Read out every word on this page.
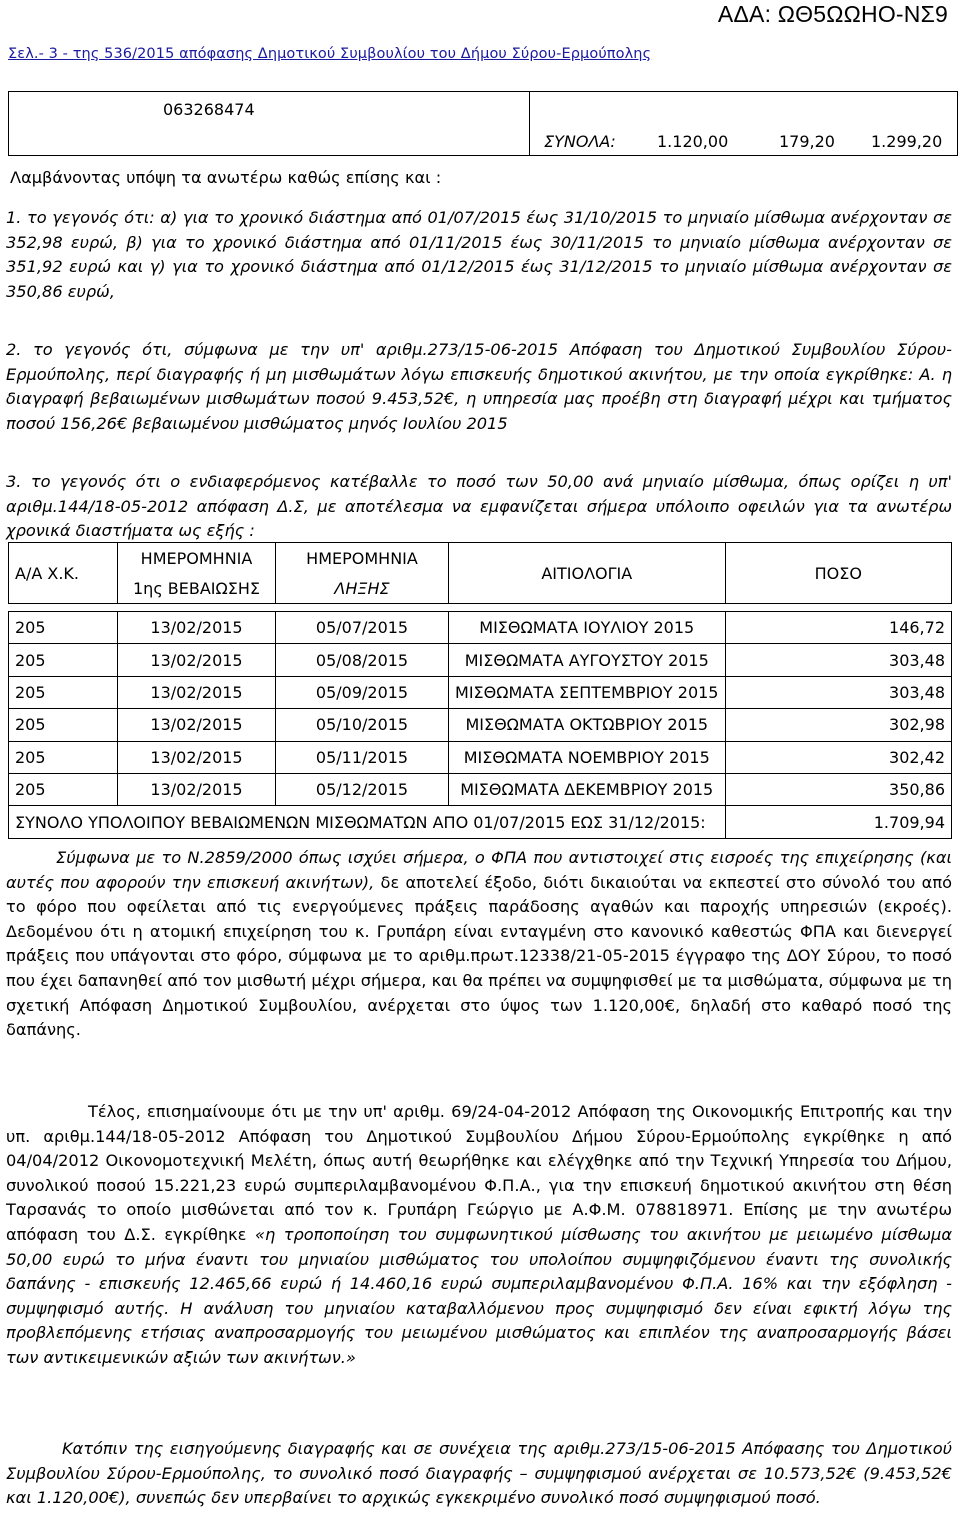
ΑΔΑ: ΩΘ5ΩΩΗΟ-ΝΣ9
Σελ.- 3 - της 536/2015 απόφασης Δημοτικού Συμβουλίου του Δήμου Σύρου-Ερμούπολης
063268474
ΣΥΝΟΛΑ:	1.120,00	179,20 1.299,20
Λαμβάνοντας υπόψη τα ανωτέρω καθώς επίσης και :
1. το γεγονός ότι: α) για το χρονικό διάστημα από 01/07/2015 έως 31/10/2015 το μηνιαίο μίσθωμα ανέρχονταν σε 352,98 ευρώ, β) για το χρονικό διάστημα από 01/11/2015 έως 30/11/2015 το μηνιαίο μίσθωμα ανέρχονταν σε 351,92 ευρώ και γ) για το χρονικό διάστημα από 01/12/2015 έως 31/12/2015 το μηνιαίο μίσθωμα ανέρχονταν σε 350,86 ευρώ,
2. το γεγονός ότι, σύμφωνα με την υπ' αριθμ.273/15-06-2015 Απόφαση του Δημοτικού Συμβουλίου Σύρου-Ερμούπολης, περί διαγραφής ή μη μισθωμάτων λόγω επισκευής δημοτικού ακινήτου, με την οποία εγκρίθηκε: Α. η διαγραφή βεβαιωμένων μισθωμάτων ποσού 9.453,52€, η υπηρεσία μας προέβη στη διαγραφή μέχρι και τμήματος ποσού 156,26€ βεβαιωμένου μισθώματος μηνός Ιουλίου 2015
3. το γεγονός ότι ο ενδιαφερόμενος κατέβαλλε το ποσό των 50,00 ανά μηνιαίο μίσθωμα, όπως ορίζει η υπ' αριθμ.144/18-05-2012 απόφαση Δ.Σ, με αποτέλεσμα να εμφανίζεται σήμερα υπόλοιπο οφειλών για τα ανωτέρω χρονικά διαστήματα ως εξής :
Α/Α Χ.Κ.	ΗΜΕΡΟΜΗΝΙΑ	ΗΜΕΡΟΜΗΝΙΑ	ΑΙΤΙΟΛΟΓΙΑ	ΠΟΣΟ
	1ης ΒΕΒΑΙΩΣΗΣ	ΛΗΞΗΣ		

205	13/02/2015	05/07/2015	ΜΙΣΘΩΜΑΤΑ ΙΟΥΛΙΟΥ 2015	146,72
205	13/02/2015	05/08/2015	ΜΙΣΘΩΜΑΤΑ ΑΥΓΟΥΣΤΟΥ 2015	303,48
205	13/02/2015	05/09/2015	ΜΙΣΘΩΜΑΤΑ ΣΕΠΤΕΜΒΡΙΟΥ 2015	303,48
205	13/02/2015	05/10/2015	ΜΙΣΘΩΜΑΤΑ ΟΚΤΩΒΡΙΟΥ 2015	302,98
205	13/02/2015	05/11/2015	ΜΙΣΘΩΜΑΤΑ ΝΟΕΜΒΡΙΟΥ 2015	302,42
205	13/02/2015	05/12/2015	ΜΙΣΘΩΜΑΤΑ ΔΕΚΕΜΒΡΙΟΥ 2015	350,86
ΣΥΝΟΛΟ ΥΠΟΛΟΙΠΟΥ ΒΕΒΑΙΩΜΕΝΩΝ ΜΙΣΘΩΜΑΤΩΝ ΑΠΟ 01/07/2015 ΕΩΣ 31/12/2015:				1.709,94
Σύμφωνα με το Ν.2859/2000 όπως ισχύει σήμερα, ο ΦΠΑ που αντιστοιχεί στις εισροές της επιχείρησης (και αυτές που αφορούν την επισκευή ακινήτων), δε αποτελεί έξοδο, διότι δικαιούται να εκπεστεί στο σύνολό του από το φόρο που οφείλεται από τις ενεργούμενες πράξεις παράδοσης αγαθών και παροχής υπηρεσιών (εκροές). Δεδομένου ότι η ατομική επιχείρηση του κ. Γρυπάρη είναι ενταγμένη στο κανονικό καθεστώς ΦΠΑ και διενεργεί πράξεις που υπάγονται στο φόρο, σύμφωνα με το αριθμ.πρωτ.12338/21-05-2015 έγγραφο της ΔΟΥ Σύρου, το ποσό που έχει δαπανηθεί από τον μισθωτή μέχρι σήμερα, και θα πρέπει να συμψηφισθεί με τα μισθώματα, σύμφωνα με τη σχετική Απόφαση Δημοτικού Συμβουλίου, ανέρχεται στο ύψος των 1.120,00€, δηλαδή στο καθαρό ποσό της δαπάνης.
Τέλος, επισημαίνουμε ότι με την υπ' αριθμ. 69/24-04-2012 Απόφαση της Οικονομικής Επιτροπής και την υπ. αριθμ.144/18-05-2012 Απόφαση του Δημοτικού Συμβουλίου Δήμου Σύρου-Ερμούπολης εγκρίθηκε η από 04/04/2012 Οικονομοτεχνική Μελέτη, όπως αυτή θεωρήθηκε και ελέγχθηκε από την Τεχνική Υπηρεσία του Δήμου, συνολικού ποσού 15.221,23 ευρώ συμπεριλαμβανομένου Φ.Π.Α., για την επισκευή δημοτικού ακινήτου στη θέση Ταρσανάς το οποίο μισθώνεται από τον κ. Γρυπάρη Γεώργιο με Α.Φ.Μ. 078818971. Επίσης με την ανωτέρω απόφαση του Δ.Σ. εγκρίθηκε «η τροποποίηση του συμφωνητικού μίσθωσης του ακινήτου με μειωμένο μίσθωμα 50,00 ευρώ το μήνα έναντι του μηνιαίου μισθώματος του υπολοίπου συμψηφιζόμενου έναντι της συνολικής δαπάνης - επισκευής 12.465,66 ευρώ ή 14.460,16 ευρώ συμπεριλαμβανομένου Φ.Π.Α. 16% και την εξόφληση - συμψηφισμό αυτής. Η ανάλυση του μηνιαίου καταβαλλόμενου προς συμψηφισμό δεν είναι εφικτή λόγω της προβλεπόμενης ετήσιας αναπροσαρμογής του μειωμένου μισθώματος και επιπλέον της αναπροσαρμογής βάσει των αντικειμενικών αξιών των ακινήτων.»
Κατόπιν της εισηγούμενης διαγραφής και σε συνέχεια της αριθμ.273/15-06-2015 Απόφασης του Δημοτικού Συμβουλίου Σύρου-Ερμούπολης, το συνολικό ποσό διαγραφής – συμψηφισμού ανέρχεται σε 10.573,52€ (9.453,52€ και 1.120,00€), συνεπώς δεν υπερβαίνει το αρχικώς εγκεκριμένο συνολικό ποσό συμψηφισμού ποσό.
